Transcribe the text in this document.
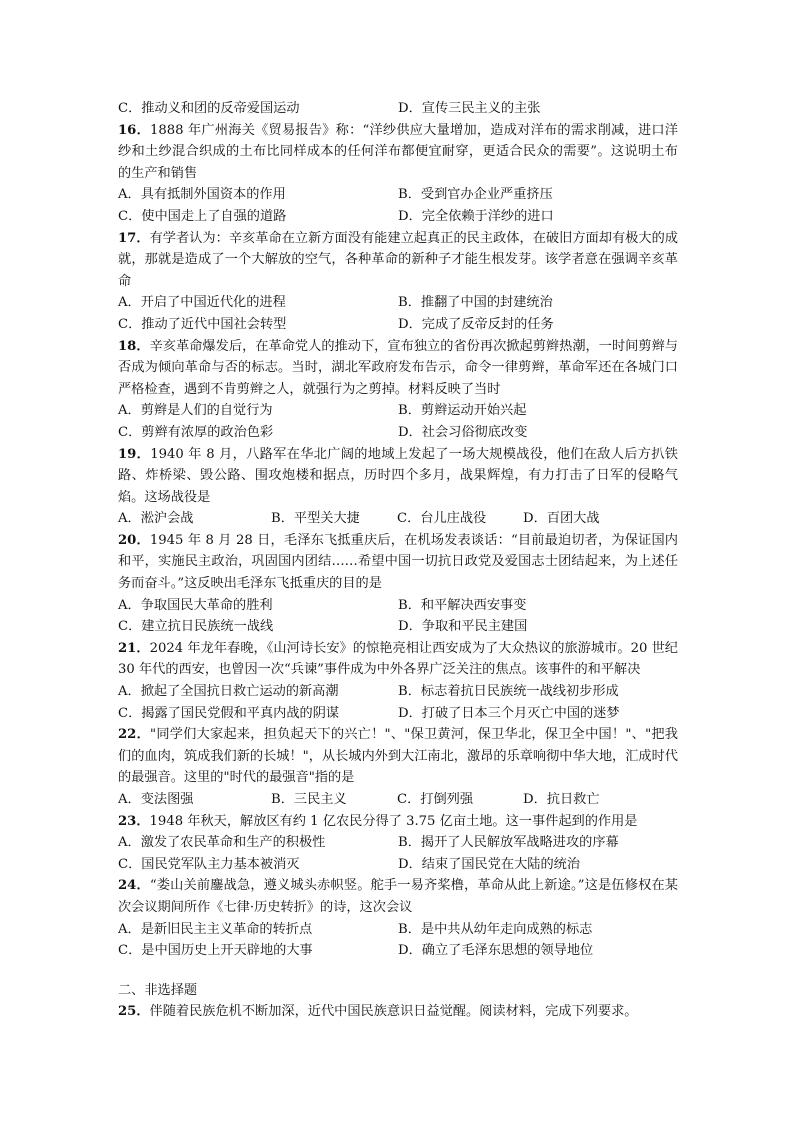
C．推动义和团的反帝爱国运动	D．宣传三民主义的主张
16．1888 年广州海关《贸易报告》称：“洋纱供应大量增加，造成对洋布的需求削减，进口洋纱和土纱混合织成的土布比同样成本的任何洋布都便宜耐穿，更适合民众的需要”。这说明土布的生产和销售
A．具有抵制外国资本的作用	B．受到官办企业严重挤压
C．使中国走上了自强的道路	D．完全依赖于洋纱的进口
17．有学者认为：辛亥革命在立新方面没有能建立起真正的民主政体，在破旧方面却有极大的成就，那就是造成了一个大解放的空气，各种革命的新种子才能生根发芽。该学者意在强调辛亥革命
A．开启了中国近代化的进程	B．推翻了中国的封建统治
C．推动了近代中国社会转型	D．完成了反帝反封的任务
18．辛亥革命爆发后，在革命党人的推动下，宣布独立的省份再次掀起剪辫热潮，一时间剪辫与否成为倾向革命与否的标志。当时，湖北军政府发布告示，命令一律剪辫，革命军还在各城门口严格检查，遇到不肯剪辫之人，就强行为之剪掉。材料反映了当时
A．剪辫是人们的自觉行为	B．剪辫运动开始兴起
C．剪辫有浓厚的政治色彩	D．社会习俗彻底改变
19．1940 年 8 月，八路军在华北广阔的地域上发起了一场大规模战役，他们在敌人后方扒铁路、炸桥梁、毁公路、围攻炮楼和据点，历时四个多月，战果辉煌，有力打击了日军的侵略气焰。这场战役是
A．淞沪会战	B．平型关大捷	C．台儿庄战役	D．百团大战
20．1945 年 8 月 28 日，毛泽东飞抵重庆后，在机场发表谈话：“目前最迫切者，为保证国内和平，实施民主政治，巩固国内团结……希望中国一切抗日政党及爱国志士团结起来，为上述任务而奋斗。”这反映出毛泽东飞抵重庆的目的是
A．争取国民大革命的胜利	B．和平解决西安事变
C．建立抗日民族统一战线	D．争取和平民主建国
21．2024 年龙年春晚，《山河诗长安》的惊艳亮相让西安成为了大众热议的旅游城市。20 世纪 30 年代的西安，也曾因一次“兵谏”事件成为中外各界广泛关注的焦点。该事件的和平解决
A．掀起了全国抗日救亡运动的新高潮	B．标志着抗日民族统一战线初步形成
C．揭露了国民党假和平真内战的阴谋	D．打破了日本三个月灭亡中国的迷梦
22．"同学们大家起来，担负起天下的兴亡！"、"保卫黄河，保卫华北，保卫全中国！"、"把我们的血肉，筑成我们新的长城！"，从长城内外到大江南北，激昂的乐章响彻中华大地，汇成时代的最强音。这里的"时代的最强音"指的是
A．变法图强	B．三民主义	C．打倒列强	D．抗日救亡
23．1948 年秋天，解放区有约 1 亿农民分得了 3.75 亿亩土地。这一事件起到的作用是
A．激发了农民革命和生产的积极性	B．揭开了人民解放军战略进攻的序幕
C．国民党军队主力基本被消灭	D．结束了国民党在大陆的统治
24．“娄山关前鏖战急，遵义城头赤帜竖。舵手一易齐桨橹，革命从此上新途。”这是伍修权在某次会议期间所作《七律·历史转折》的诗，这次会议
A．是新旧民主主义革命的转折点	B．是中共从幼年走向成熟的标志
C．是中国历史上开天辟地的大事	D．确立了毛泽东思想的领导地位
二、非选择题
25．伴随着民族危机不断加深，近代中国民族意识日益觉醒。阅读材料，完成下列要求。
